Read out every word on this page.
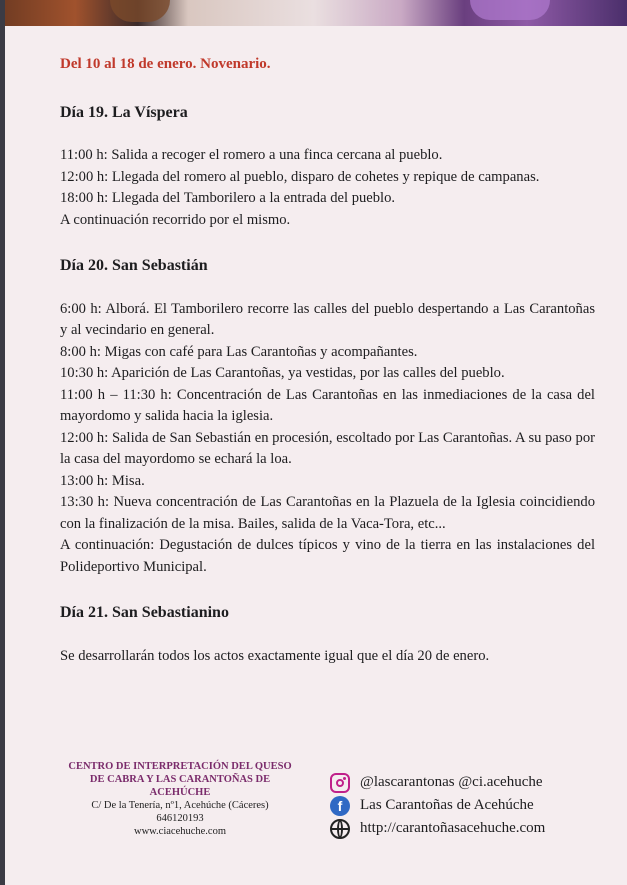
Del 10 al 18 de enero. Novenario.

Día 19. La Víspera

11:00 h: Salida a recoger el romero a una finca cercana al pueblo.

12:00 h: Llegada del romero al pueblo, disparo de cohetes y repique de campanas.

18:00 h: Llegada del Tamborilero a la entrada del pueblo.

A continuación recorrido por el mismo.

Día 20. San Sebastián

6:00 h: Alborá. El Tamborilero recorre las calles del pueblo despertando a Las Carantoñas y al vecindario en general.

8:00 h: Migas con café para Las Carantoñas y acompañantes.

10:30 h: Aparición de Las Carantoñas, ya vestidas, por las calles del pueblo.

11:00 h – 11:30 h: Concentración de Las Carantoñas en las inmediaciones de la casa del mayordomo y salida hacia la iglesia.

12:00 h: Salida de San Sebastián en procesión, escoltado por Las Carantoñas. A su paso por la casa del mayordomo se echará la loa.

13:00 h: Misa.

13:30 h: Nueva concentración de Las Carantoñas en la Plazuela de la Iglesia coincidiendo con la finalización de la misa. Bailes, salida de la Vaca-Tora, etc...

A continuación: Degustación de dulces típicos y vino de la tierra en las instalaciones del Polideportivo Municipal.

Día 21. San Sebastianino

Se desarrollarán todos los actos exactamente igual que el día 20 de enero.

CENTRO DE INTERPRETACIÓN DEL QUESO DE CABRA Y LAS CARANTOÑAS DE ACEHÚCHE
C/ De la Tenería, nº1, Acehúche (Cáceres)
646120193
www.ciacehuche.com
@lascarantonas @ci.acehuche
f	Las Carantoñas de Acehúche
http://carantoñasacehuche.com
